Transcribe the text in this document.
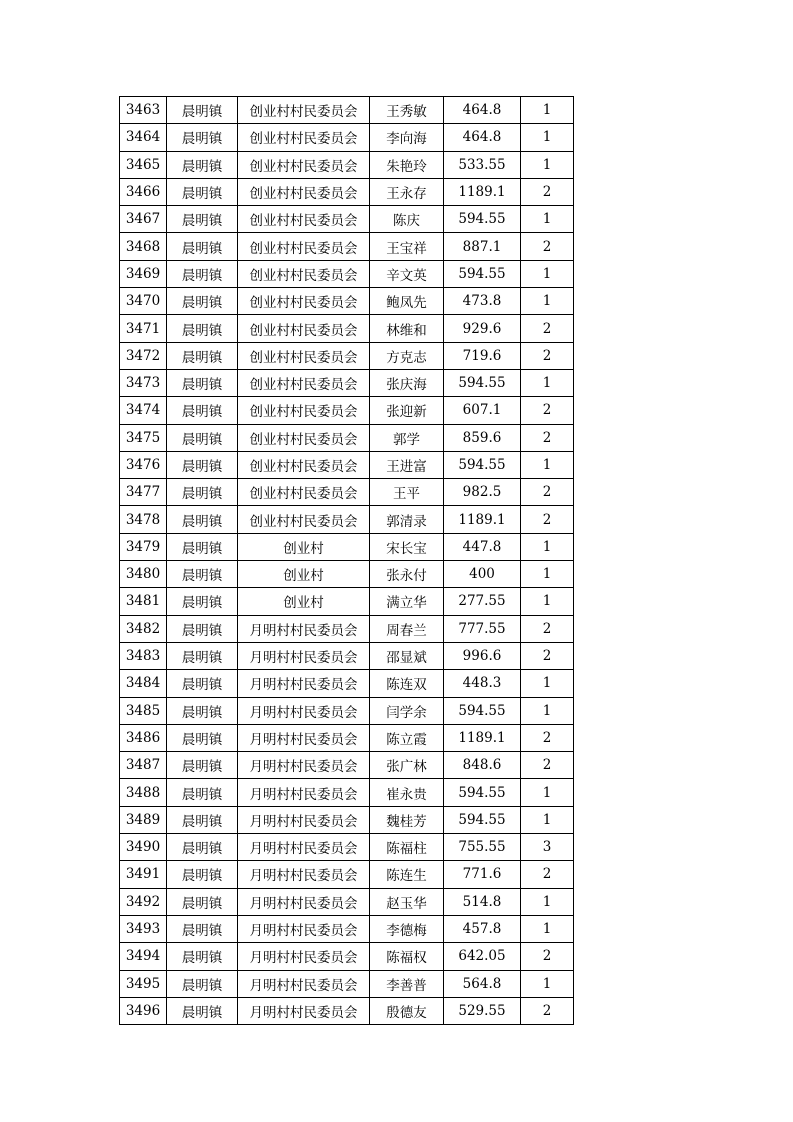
3463	晨明镇	创业村村民委员会	王秀敏	464.8	1
3464	晨明镇	创业村村民委员会	李向海	464.8	1
3465	晨明镇	创业村村民委员会	朱艳玲	533.55	1
3466	晨明镇	创业村村民委员会	王永存	1189.1	2
3467	晨明镇	创业村村民委员会	陈庆	594.55	1
3468	晨明镇	创业村村民委员会	王宝祥	887.1	2
3469	晨明镇	创业村村民委员会	辛文英	594.55	1
3470	晨明镇	创业村村民委员会	鲍凤先	473.8	1
3471	晨明镇	创业村村民委员会	林维和	929.6	2
3472	晨明镇	创业村村民委员会	方克志	719.6	2
3473	晨明镇	创业村村民委员会	张庆海	594.55	1
3474	晨明镇	创业村村民委员会	张迎新	607.1	2
3475	晨明镇	创业村村民委员会	郭学	859.6	2
3476	晨明镇	创业村村民委员会	王进富	594.55	1
3477	晨明镇	创业村村民委员会	王平	982.5	2
3478	晨明镇	创业村村民委员会	郭清录	1189.1	2
3479	晨明镇	创业村	宋长宝	447.8	1
3480	晨明镇	创业村	张永付	400	1
3481	晨明镇	创业村	满立华	277.55	1
3482	晨明镇	月明村村民委员会	周春兰	777.55	2
3483	晨明镇	月明村村民委员会	邵显斌	996.6	2
3484	晨明镇	月明村村民委员会	陈连双	448.3	1
3485	晨明镇	月明村村民委员会	闫学余	594.55	1
3486	晨明镇	月明村村民委员会	陈立霞	1189.1	2
3487	晨明镇	月明村村民委员会	张广林	848.6	2
3488	晨明镇	月明村村民委员会	崔永贵	594.55	1
3489	晨明镇	月明村村民委员会	魏桂芳	594.55	1
3490	晨明镇	月明村村民委员会	陈福柱	755.55	3
3491	晨明镇	月明村村民委员会	陈连生	771.6	2
3492	晨明镇	月明村村民委员会	赵玉华	514.8	1
3493	晨明镇	月明村村民委员会	李德梅	457.8	1
3494	晨明镇	月明村村民委员会	陈福权	642.05	2
3495	晨明镇	月明村村民委员会	李善普	564.8	1
3496	晨明镇	月明村村民委员会	殷德友	529.55	2
